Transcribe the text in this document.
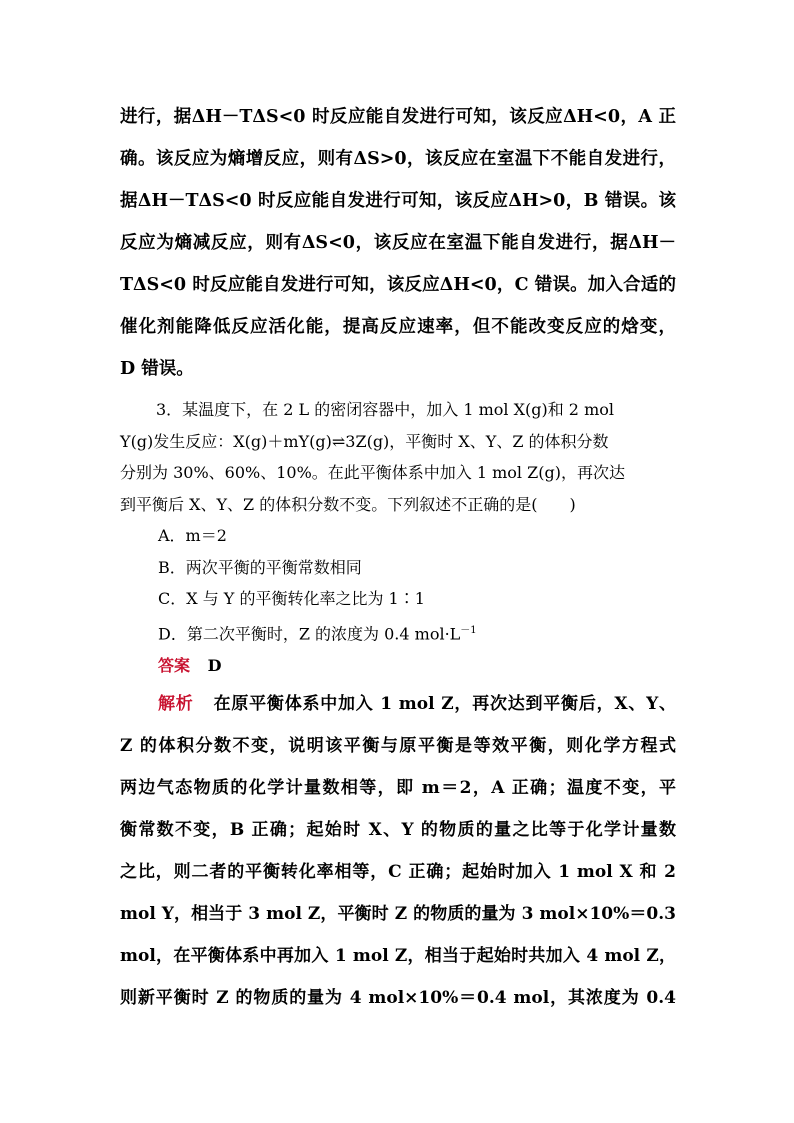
进行，据ΔH－TΔS<0 时反应能自发进行可知，该反应ΔH<0，A 正
确。该反应为熵增反应，则有ΔS>0，该反应在室温下不能自发进行，
据ΔH－TΔS<0 时反应能自发进行可知，该反应ΔH>0，B 错误。该
反应为熵减反应，则有ΔS<0，该反应在室温下能自发进行，据ΔH－
TΔS<0 时反应能自发进行可知，该反应ΔH<0，C 错误。加入合适的
催化剂能降低反应活化能，提高反应速率，但不能改变反应的焓变，
D 错误。
3．某温度下，在 2 L 的密闭容器中，加入 1 mol X(g)和 2 mol
Y(g)发生反应：X(g)＋mY(g)⇌3Z(g)，平衡时 X、Y、Z 的体积分数
分别为 30%、60%、10%。在此平衡体系中加入 1 mol Z(g)，再次达
到平衡后 X、Y、Z 的体积分数不变。下列叙述不正确的是(　　)
A．m＝2
B．两次平衡的平衡常数相同
C．X 与 Y 的平衡转化率之比为 1∶1
D．第二次平衡时，Z 的浓度为 0.4 $mol\cdot L^{-1}$
答案 D
解析 在原平衡体系中加入 1 mol Z，再次达到平衡后，X、Y、
Z 的体积分数不变，说明该平衡与原平衡是等效平衡，则化学方程式
两边气态物质的化学计量数相等，即 m＝2，A 正确；温度不变，平
衡常数不变，B 正确；起始时 X、Y 的物质的量之比等于化学计量数
之比，则二者的平衡转化率相等，C 正确；起始时加入 1 mol X 和 2
mol Y，相当于 3 mol Z，平衡时 Z 的物质的量为 3 mol×10%＝0.3
mol，在平衡体系中再加入 1 mol Z，相当于起始时共加入 4 mol Z，
则新平衡时 Z 的物质的量为 4 mol×10%＝0.4 mol，其浓度为 0.4
